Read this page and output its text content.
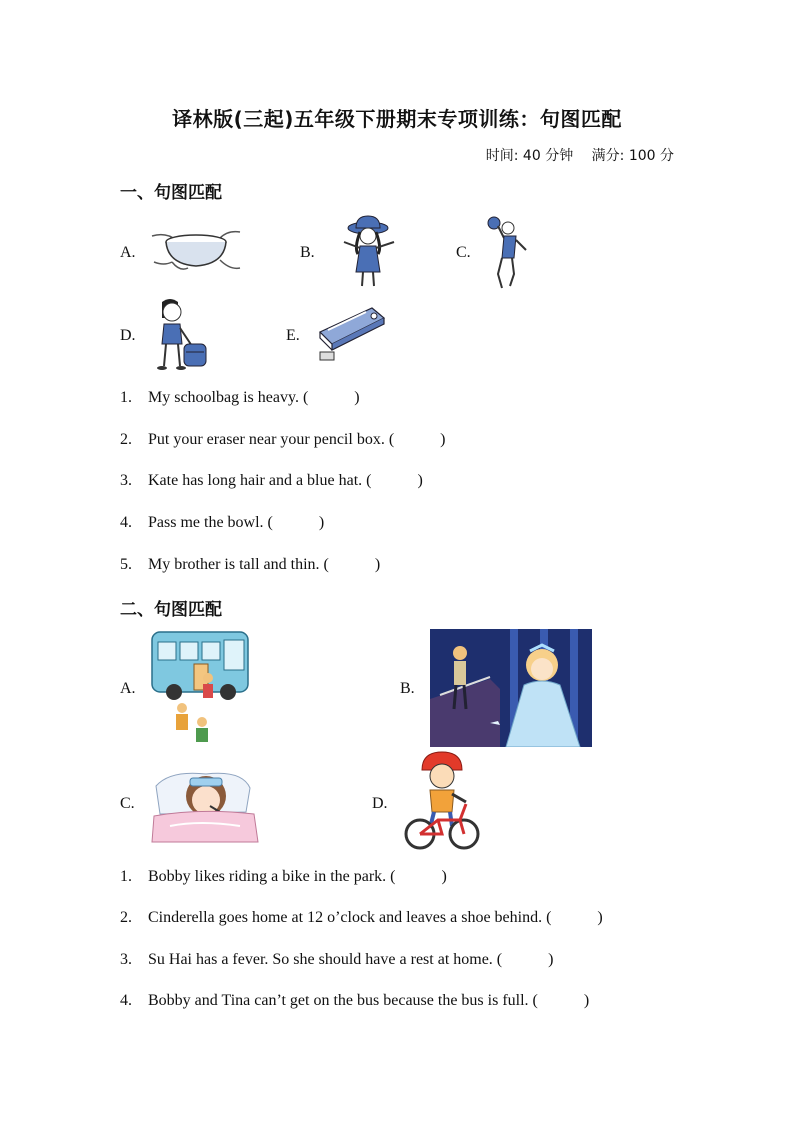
译林版(三起)五年级下册期末专项训练：句图匹配
时间: 40 分钟 满分: 100 分
一、句图匹配
A.	B.	C.
D.	E.
1. My schoolbag is heavy. (	)
2. Put your eraser near your pencil box. (	)
3. Kate has long hair and a blue hat. (	)
4. Pass me the bowl. (	)
5. My brother is tall and thin. (	)
二、句图匹配
A.	B.
C.	D.
1. Bobby likes riding a bike in the park. (	)
2. Cinderella goes home at 12 o’clock and leaves a shoe behind. (	)
3. Su Hai has a fever. So she should have a rest at home. (	)
4. Bobby and Tina can’t get on the bus because the bus is full. (	)
